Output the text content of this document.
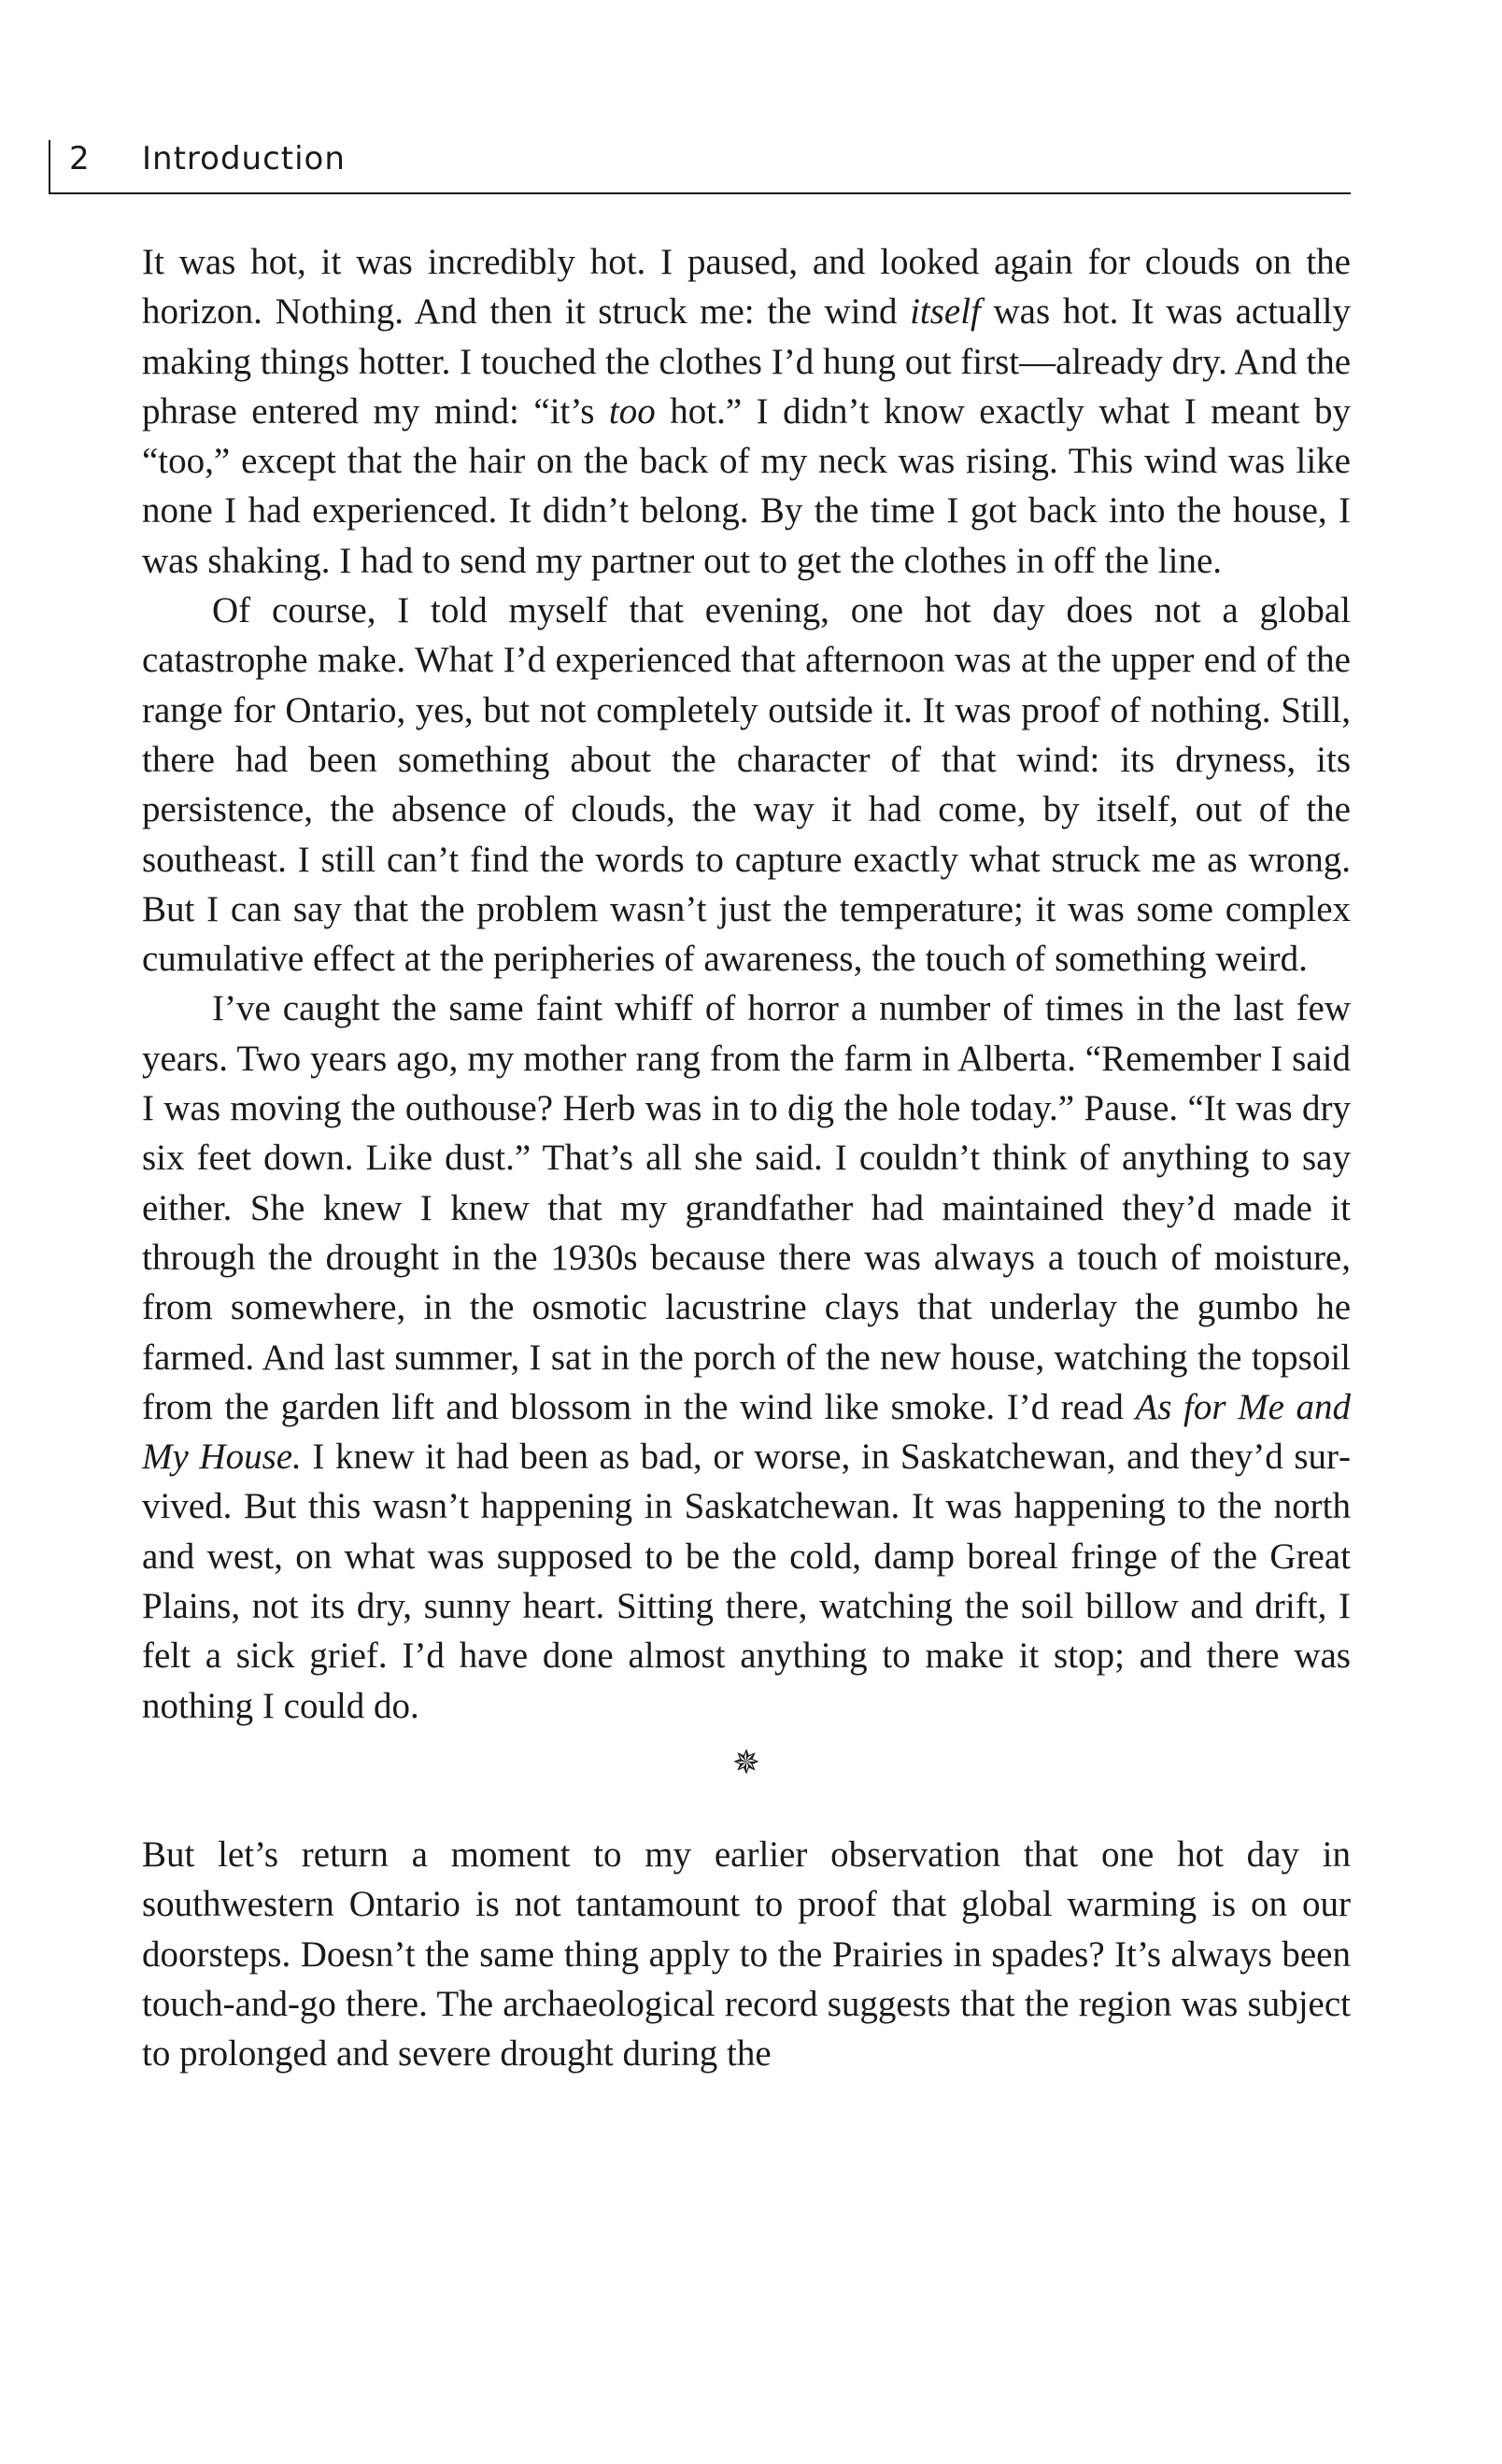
2 Introduction

It was hot, it was incredibly hot. I paused, and looked again for clouds on the horizon. Nothing. And then it struck me: the wind itself was hot. It was actually making things hotter. I touched the clothes I’d hung out first—already dry. And the phrase entered my mind: “it’s too hot.” I didn’t know exactly what I meant by “too,” except that the hair on the back of my neck was rising. This wind was like none I had experienced. It didn’t belong. By the time I got back into the house, I was shaking. I had to send my partner out to get the clothes in off the line.

Of course, I told myself that evening, one hot day does not a global catastrophe make. What I’d experienced that afternoon was at the upper end of the range for Ontario, yes, but not completely outside it. It was proof of nothing. Still, there had been something about the character of that wind: its dryness, its persistence, the absence of clouds, the way it had come, by itself, out of the southeast. I still can’t find the words to capture exactly what struck me as wrong. But I can say that the problem wasn’t just the temperature; it was some complex cumulative effect at the peripheries of awareness, the touch of something weird.

I’ve caught the same faint whiff of horror a number of times in the last few years. Two years ago, my mother rang from the farm in Alberta. “Remember I said I was moving the outhouse? Herb was in to dig the hole today.” Pause. “It was dry six feet down. Like dust.” That’s all she said. I couldn’t think of anything to say either. She knew I knew that my grandfather had maintained they’d made it through the drought in the 1930s because there was always a touch of moisture, from somewhere, in the osmotic lacustrine clays that underlay the gumbo he farmed. And last summer, I sat in the porch of the new house, watching the topsoil from the garden lift and blossom in the wind like smoke. I’d read As for Me and My House. I knew it had been as bad, or worse, in Saskatchewan, and they’d survived. But this wasn’t happening in Saskatchewan. It was happening to the north and west, on what was supposed to be the cold, damp boreal fringe of the Great Plains, not its dry, sunny heart. Sitting there, watching the soil billow and drift, I felt a sick grief. I’d have done almost anything to make it stop; and there was nothing I could do.

✵

But let’s return a moment to my earlier observation that one hot day in southwestern Ontario is not tantamount to proof that global warming is on our doorsteps. Doesn’t the same thing apply to the Prairies in spades? It’s always been touch-and-go there. The archaeological record suggests that the region was subject to prolonged and severe drought during the
